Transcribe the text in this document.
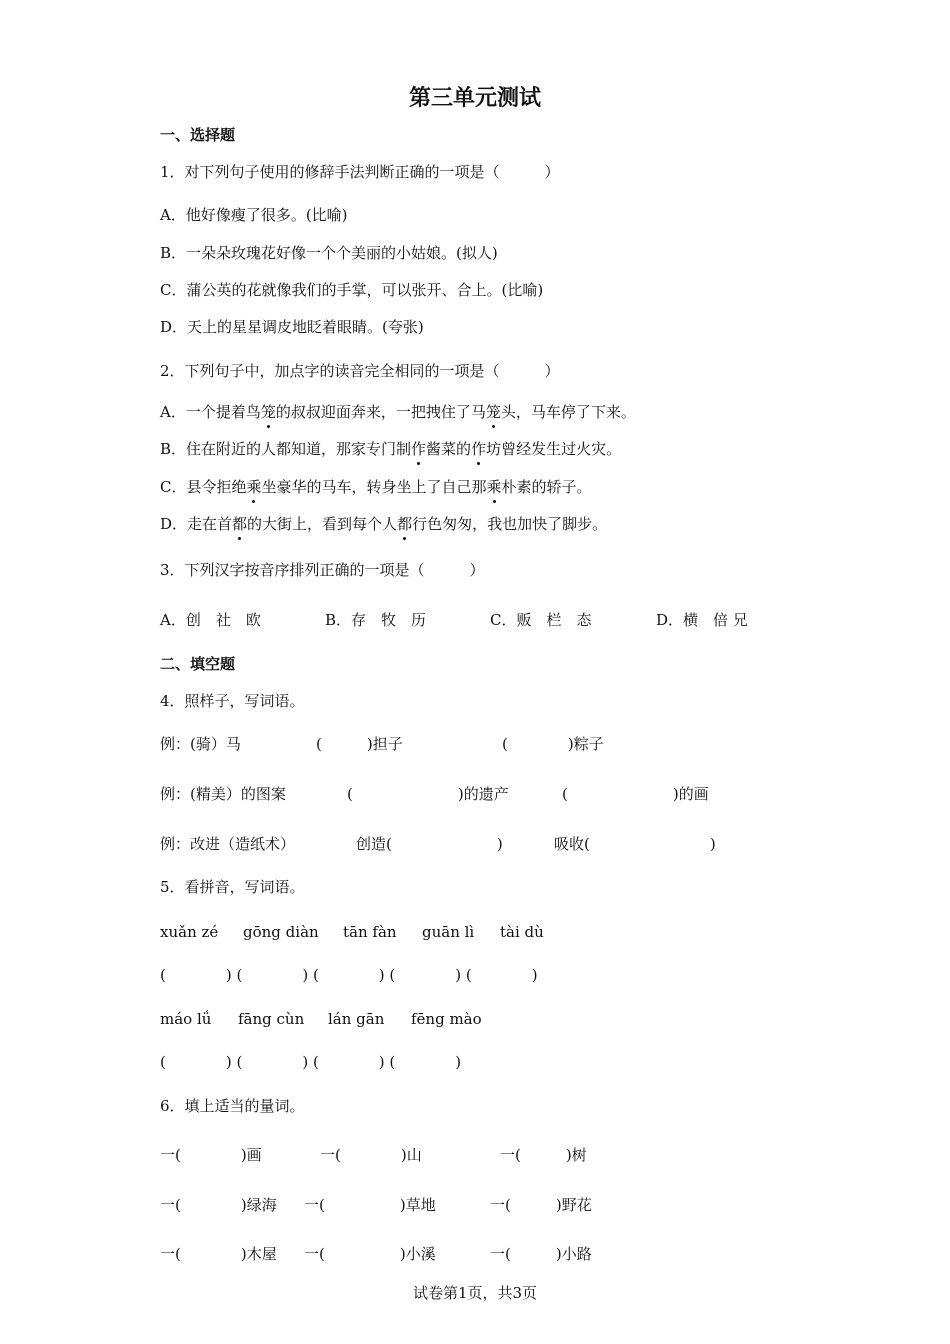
第三单元测试
一、选择题
1．对下列句子使用的修辞手法判断正确的一项是（　　　）
A．他好像瘦了很多。(比喻)
B．一朵朵玫瑰花好像一个个美丽的小姑娘。(拟人)
C．蒲公英的花就像我们的手掌，可以张开、合上。(比喻)
D．天上的星星调皮地眨着眼睛。(夸张)
2．下列句子中，加点字的读音完全相同的一项是（　　　）
A．一个提着鸟笼的叔叔迎面奔来，一把拽住了马笼头，马车停了下来。
B．住在附近的人都知道，那家专门制作酱菜的作坊曾经发生过火灾。
C．县令拒绝乘坐豪华的马车，转身坐上了自己那乘朴素的轿子。
D．走在首都的大街上，看到每个人都行色匆匆，我也加快了脚步。
3．下列汉字按音序排列正确的一项是（　　　）
A．创　社　欧	B．存　牧　历	C．贩　栏　态	D．横　倍 兄
二、填空题
4．照样子，写词语。
例：(骑）马	(　　　)担子	(　　　　)粽子
例：(精美）的图案	(　　　　　　　)的遗产	(　　　　　　　)的画
例：改进（造纸术）	创造(　　　　　　　)	吸收(　　　　　　　　)
5．看拼音，写词语。
xuǎn zé gōng diàn tān fàn guān lì tài dù
(　　　　) (　　　　) (　　　　) (　　　　) (　　　　)
máo lǘ fāng cùn lán gān fēng mào
(　　　　) (　　　　) (　　　　) (　　　　)
6．填上适当的量词。
一(　　　　)画	一(　　　　)山	一(　　　)树
一(　　　　)绿海 一(　　　　　)草地	一(　　　)野花
一(　　　　)木屋 一(　　　　　)小溪	一(　　　)小路
试卷第1页，共3页
